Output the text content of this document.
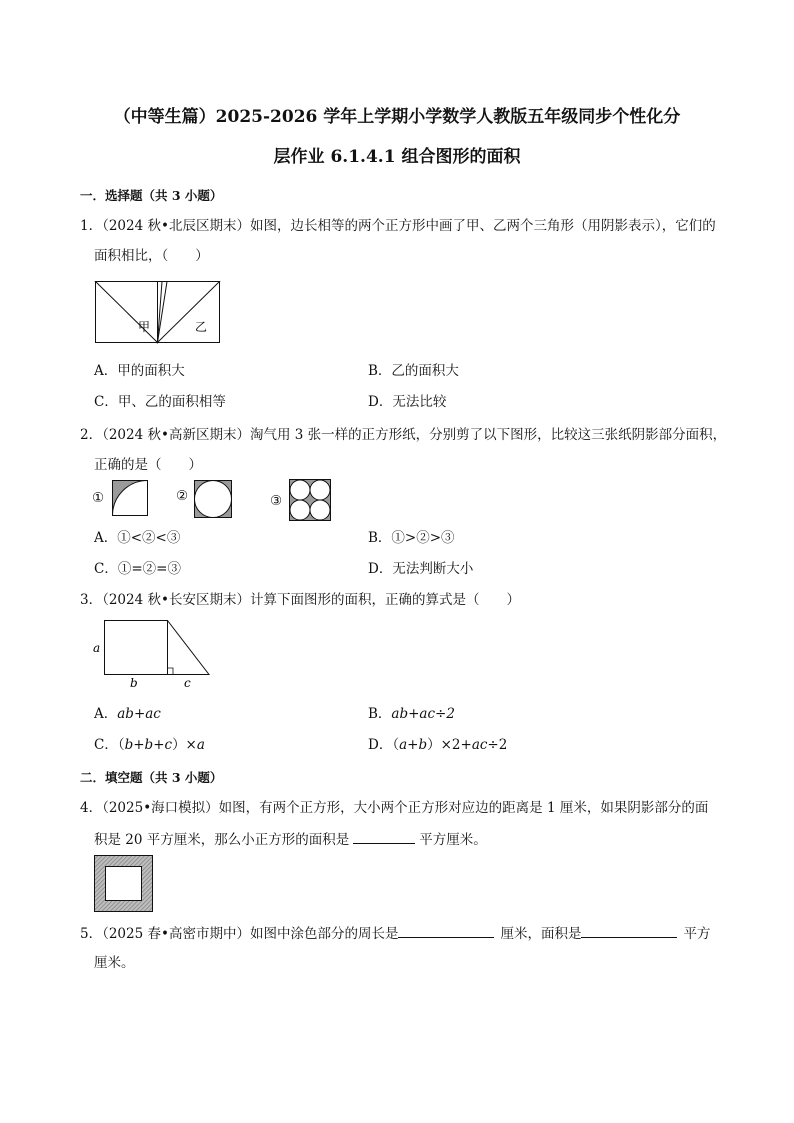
（中等生篇）2025-2026 学年上学期小学数学人教版五年级同步个性化分
层作业 6.1.4.1 组合图形的面积
一．选择题（共 3 小题）
1．（2024 秋•北辰区期末）如图，边长相等的两个正方形中画了甲、乙两个三角形（用阴影表示），它们的
面积相比，（　　）
甲	乙
A．甲的面积大	B．乙的面积大
C．甲、乙的面积相等	D．无法比较
2．（2024 秋•高新区期末）淘气用 3 张一样的正方形纸，分别剪了以下图形，比较这三张纸阴影部分面积，
正确的是（　　）
①	②	③
A．①<②<③	B．①>②>③
C．①=②=③	D．无法判断大小
3．（2024 秋•长安区期末）计算下面图形的面积，正确的算式是（　　）
a
b	c
A．ab+ac	B．ab+ac÷2
C．（b+b+c）×a	D．（a+b）×2+ac÷2
二．填空题（共 3 小题）
4．（2025•海口模拟）如图，有两个正方形，大小两个正方形对应边的距离是 1 厘米，如果阴影部分的面
积是 20 平方厘米，那么小正方形的面积是	平方厘米。
5．（2025 春•高密市期中）如图中涂色部分的周长是	厘米，面积是	平方
厘米。
